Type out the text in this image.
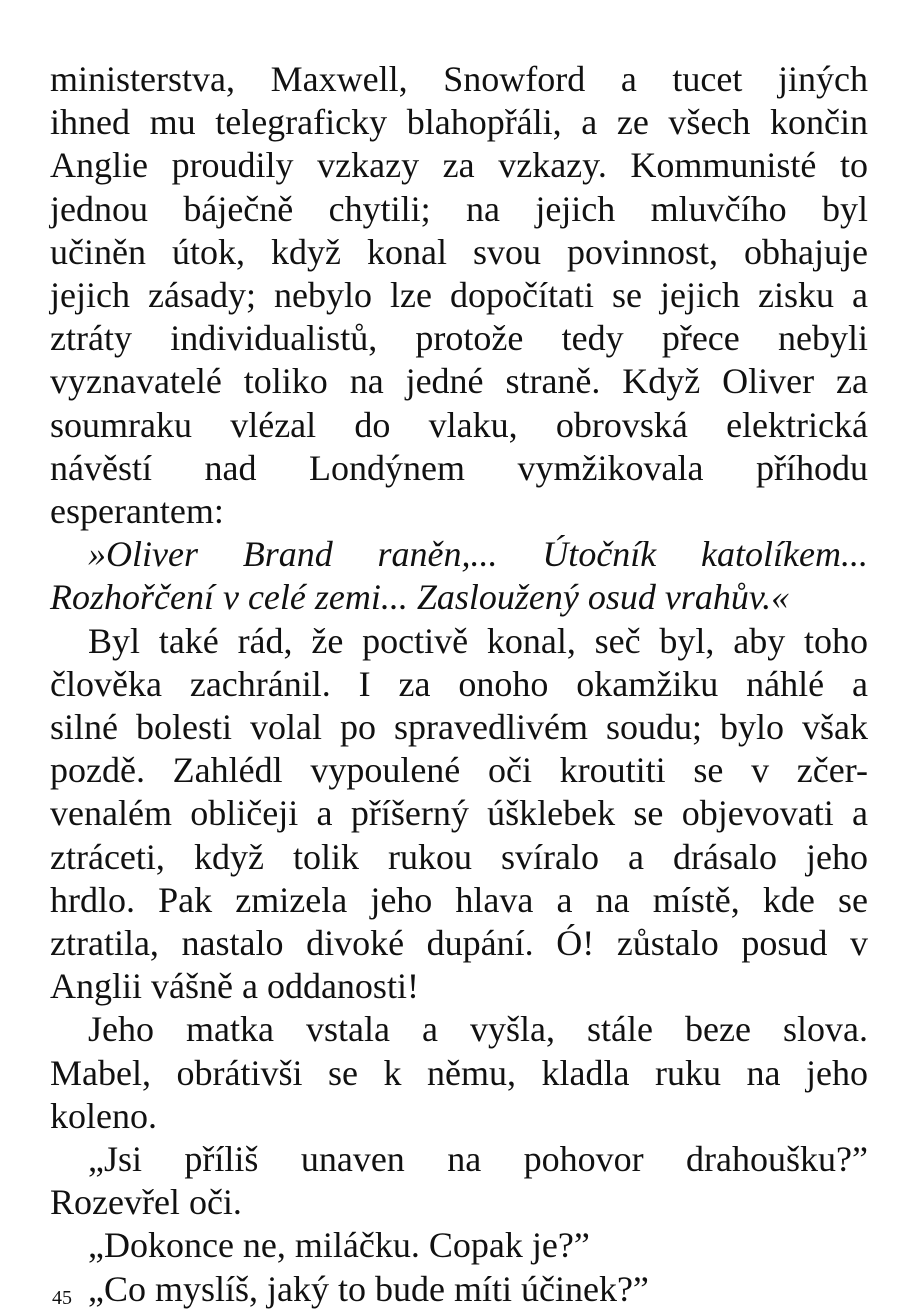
ministerstva, Maxwell, Snowford a tucet jiných
ihned mu telegraficky blahopřáli, a ze všech končin
Anglie proudily vzkazy za vzkazy. Kommunisté to
jednou báječně chytili; na jejich mluvčího byl
učiněn útok, když konal svou povinnost, obhajuje
jejich zásady; nebylo lze dopočítati se jejich zisku a
ztráty individualistů, protože tedy přece nebyli
vyznavatelé toliko na jedné straně. Když Oliver za
soumraku vlézal do vlaku, obrovská elektrická
návěstí nad Londýnem vymžikovala příhodu
esperantem:

»Oliver Brand raněn,... Útočník katolíkem...
Rozhořčení v celé zemi... Zasloužený osud vrahův.«

Byl také rád, že poctivě konal, seč byl, aby toho
člověka zachránil. I za onoho okamžiku náhlé a
silné bolesti volal po spravedlivém soudu; bylo však
pozdě. Zahlédl vypoulené oči kroutiti se v zčer-
venalém obličeji a příšerný úšklebek se objevovati a
ztráceti, když tolik rukou svíralo a drásalo jeho
hrdlo. Pak zmizela jeho hlava a na místě, kde se
ztratila, nastalo divoké dupání. Ó! zůstalo posud v
Anglii vášně a oddanosti!

Jeho matka vstala a vyšla, stále beze slova.
Mabel, obrátivši se k němu, kladla ruku na jeho
koleno.

„Jsi příliš unaven na pohovor drahoušku?”
Rozevřel oči.

„Dokonce ne, miláčku. Copak je?”

„Co myslíš, jaký to bude míti účinek?”

45
